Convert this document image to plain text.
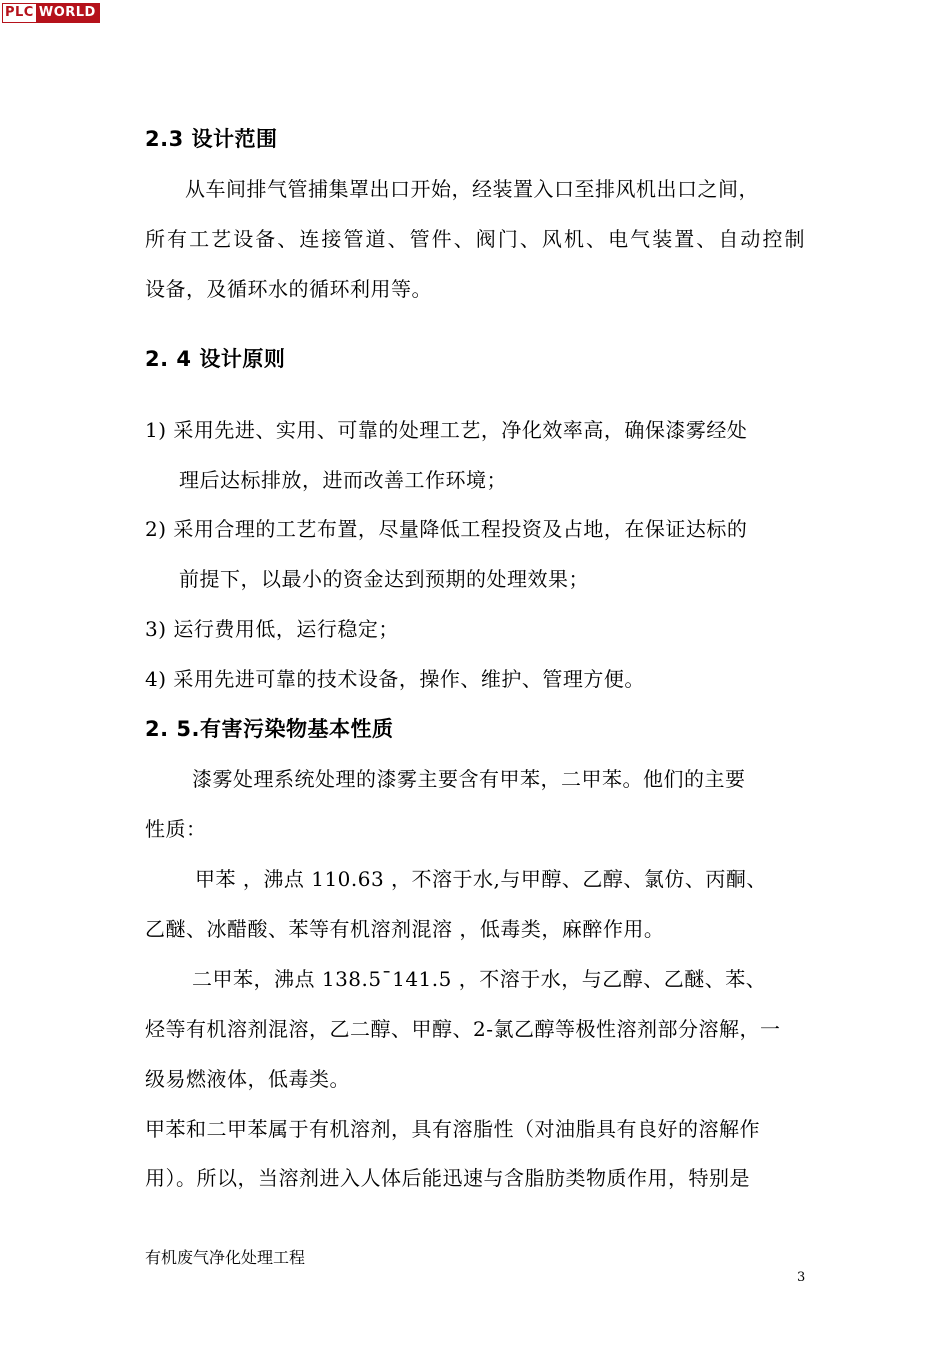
PLC WORLD
2.3 设计范围
从车间排气管捕集罩出口开始，经装置入口至排风机出口之间，
所有工艺设备、连接管道、管件、阀门、风机、电气装置、自动控制
设备，及循环水的循环利用等。
2. 4 设计原则
1) 采用先进、实用、可靠的处理工艺，净化效率高，确保漆雾经处
理后达标排放，进而改善工作环境；
2) 采用合理的工艺布置，尽量降低工程投资及占地，在保证达标的
前提下，以最小的资金达到预期的处理效果；
3) 运行费用低，运行稳定；
4) 采用先进可靠的技术设备，操作、维护、管理方便。
2. 5.有害污染物基本性质
漆雾处理系统处理的漆雾主要含有甲苯，二甲苯。他们的主要
性质：
甲苯 ，沸点 110.63 ，不溶于水,与甲醇、乙醇、氯仿、丙酮、
乙醚、冰醋酸、苯等有机溶剂混溶 ，低毒类，麻醉作用。
二甲苯，沸点 138.5¯141.5 ，不溶于水，与乙醇、乙醚、苯、
烃等有机溶剂混溶，乙二醇、甲醇、2-氯乙醇等极性溶剂部分溶解，一
级易燃液体，低毒类。
甲苯和二甲苯属于有机溶剂，具有溶脂性（对油脂具有良好的溶解作
用）。所以，当溶剂进入人体后能迅速与含脂肪类物质作用，特别是
有机废气净化处理工程
3
